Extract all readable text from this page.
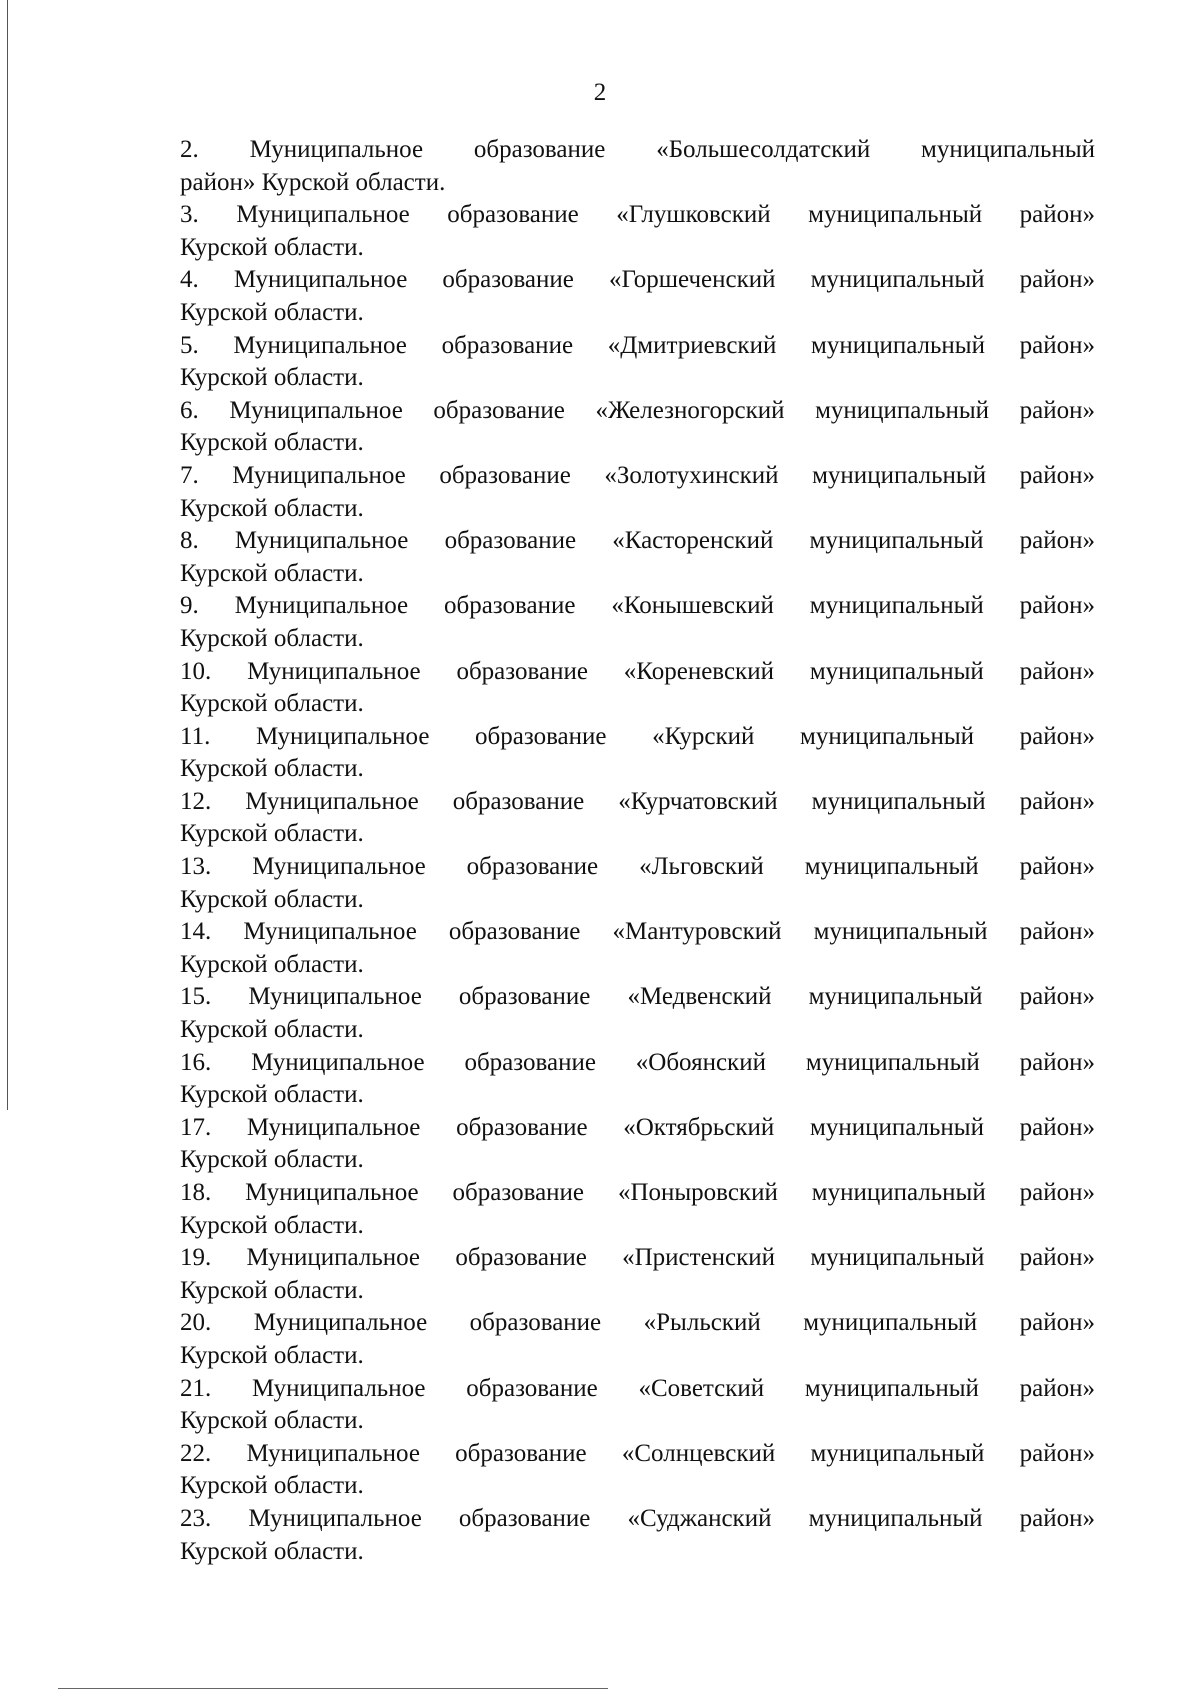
2
2. Муниципальное образование «Большесолдатский муниципальный
район» Курской области.
3. Муниципальное образование «Глушковский муниципальный район»
Курской области.
4. Муниципальное образование «Горшеченский муниципальный район»
Курской области.
5. Муниципальное образование «Дмитриевский муниципальный район»
Курской области.
6. Муниципальное образование «Железногорский муниципальный район»
Курской области.
7. Муниципальное образование «Золотухинский муниципальный район»
Курской области.
8. Муниципальное образование «Касторенский муниципальный район»
Курской области.
9. Муниципальное образование «Конышевский муниципальный район»
Курской области.
10. Муниципальное образование «Кореневский муниципальный район»
Курской области.
11. Муниципальное образование «Курский муниципальный район»
Курской области.
12. Муниципальное образование «Курчатовский муниципальный район»
Курской области.
13. Муниципальное образование «Льговский муниципальный район»
Курской области.
14. Муниципальное образование «Мантуровский муниципальный район»
Курской области.
15. Муниципальное образование «Медвенский муниципальный район»
Курской области.
16. Муниципальное образование «Обоянский муниципальный район»
Курской области.
17. Муниципальное образование «Октябрьский муниципальный район»
Курской области.
18. Муниципальное образование «Поныровский муниципальный район»
Курской области.
19. Муниципальное образование «Пристенский муниципальный район»
Курской области.
20. Муниципальное образование «Рыльский муниципальный район»
Курской области.
21. Муниципальное образование «Советский муниципальный район»
Курской области.
22. Муниципальное образование «Солнцевский муниципальный район»
Курской области.
23. Муниципальное образование «Суджанский муниципальный район»
Курской области.
